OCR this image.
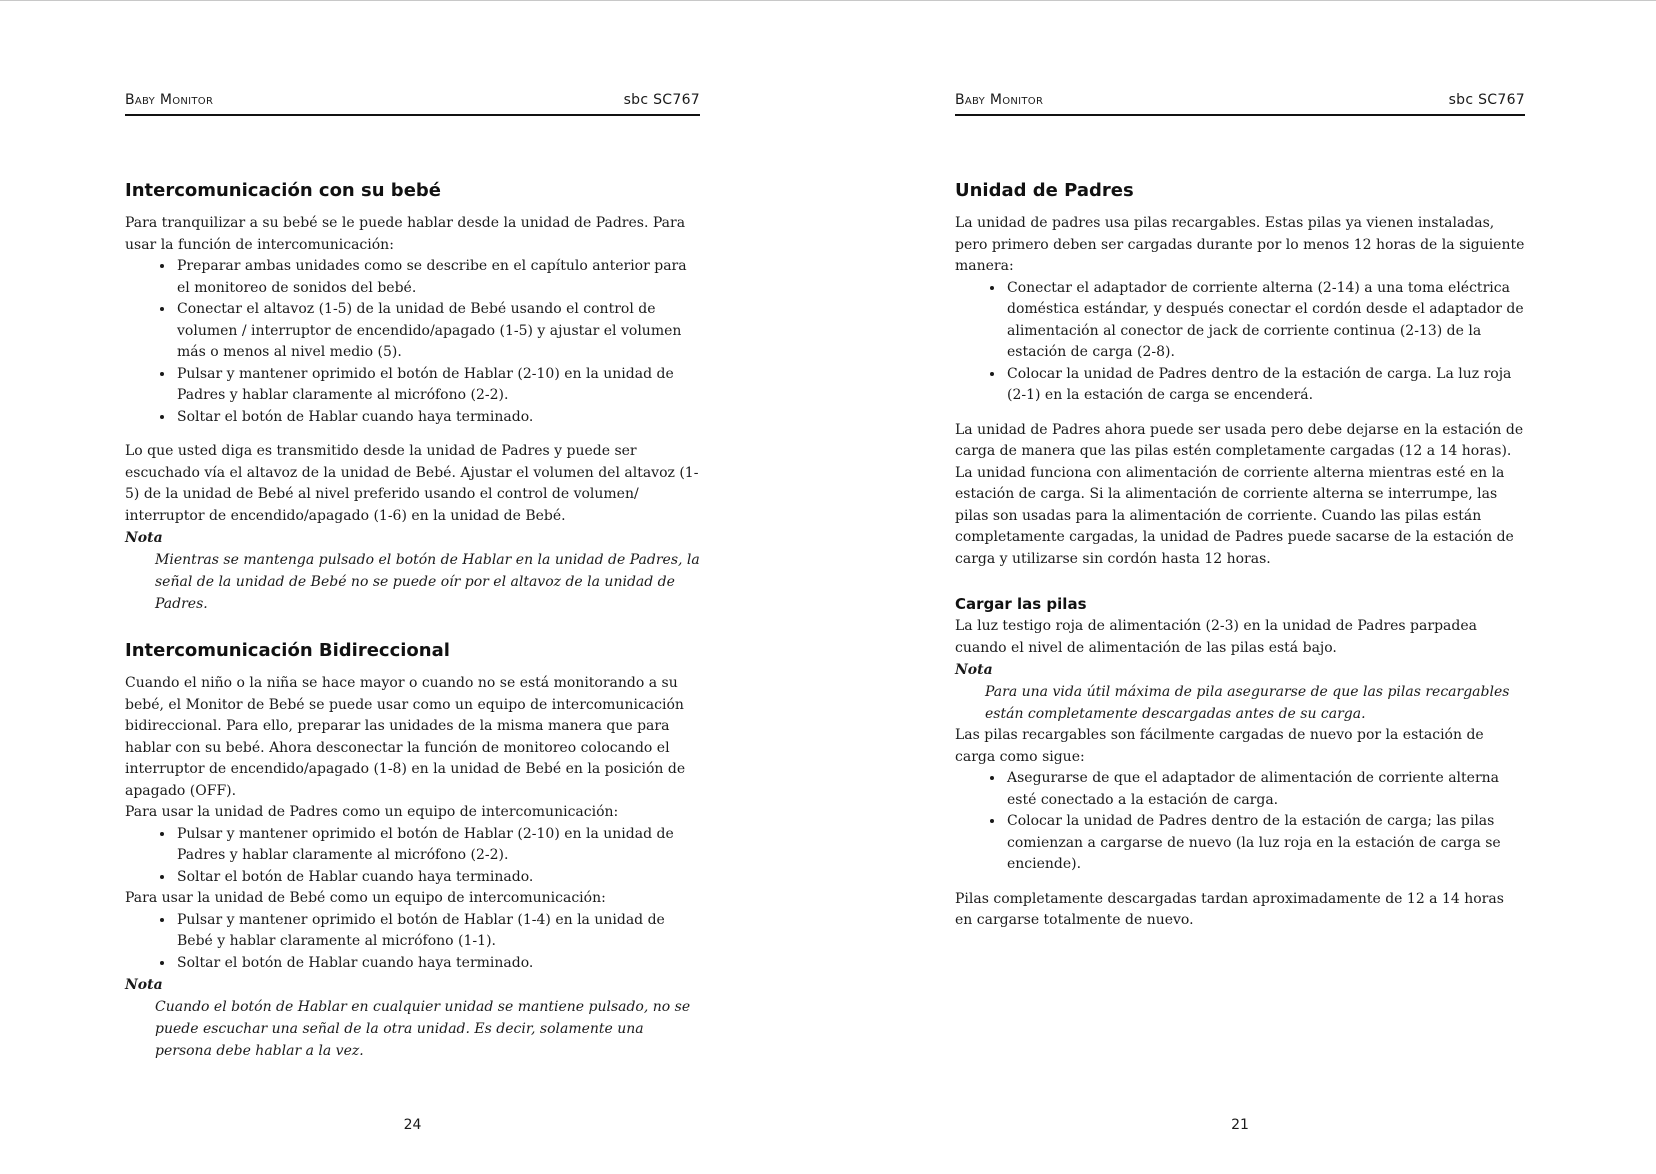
Baby Monitor	sbc SC767
Intercomunicación con su bebé

Para tranquilizar a su bebé se le puede hablar desde la unidad de Padres. Para usar la función de intercomunicación:

• Preparar ambas unidades como se describe en el capítulo anterior para el monitoreo de sonidos del bebé.
• Conectar el altavoz (1-5) de la unidad de Bebé usando el control de volumen / interruptor de encendido/apagado (1-5) y ajustar el volumen más o menos al nivel medio (5).
• Pulsar y mantener oprimido el botón de Hablar (2-10) en la unidad de Padres y hablar claramente al micrófono (2-2).
• Soltar el botón de Hablar cuando haya terminado.

Lo que usted diga es transmitido desde la unidad de Padres y puede ser escuchado vía el altavoz de la unidad de Bebé. Ajustar el volumen del altavoz (1-5) de la unidad de Bebé al nivel preferido usando el control de volumen/ interruptor de encendido/apagado (1-6) en la unidad de Bebé.

Nota
Mientras se mantenga pulsado el botón de Hablar en la unidad de Padres, la señal de la unidad de Bebé no se puede oír por el altavoz de la unidad de Padres.
Intercomunicación Bidireccional

Cuando el niño o la niña se hace mayor o cuando no se está monitorando a su bebé, el Monitor de Bebé se puede usar como un equipo de intercomunicación bidireccional. Para ello, preparar las unidades de la misma manera que para hablar con su bebé. Ahora desconectar la función de monitoreo colocando el interruptor de encendido/apagado (1-8) en la unidad de Bebé en la posición de apagado (OFF).

Para usar la unidad de Padres como un equipo de intercomunicación:

• Pulsar y mantener oprimido el botón de Hablar (2-10) en la unidad de Padres y hablar claramente al micrófono (2-2).
• Soltar el botón de Hablar cuando haya terminado.

Para usar la unidad de Bebé como un equipo de intercomunicación:

• Pulsar y mantener oprimido el botón de Hablar (1-4) en la unidad de Bebé y hablar claramente al micrófono (1-1).
• Soltar el botón de Hablar cuando haya terminado.
Nota
Cuando el botón de Hablar en cualquier unidad se mantiene pulsado, no se puede escuchar una señal de la otra unidad. Es decir, solamente una persona debe hablar a la vez.
24
Baby Monitor	sbc SC767
Unidad de Padres

La unidad de padres usa pilas recargables. Estas pilas ya vienen instaladas, pero primero deben ser cargadas durante por lo menos 12 horas de la siguiente manera:

• Conectar el adaptador de corriente alterna (2-14) a una toma eléctrica doméstica estándar, y después conectar el cordón desde el adaptador de alimentación al conector de jack de corriente continua (2-13) de la estación de carga (2-8).
• Colocar la unidad de Padres dentro de la estación de carga. La luz roja (2-1) en la estación de carga se encenderá.

La unidad de Padres ahora puede ser usada pero debe dejarse en la estación de carga de manera que las pilas estén completamente cargadas (12 a 14 horas). La unidad funciona con alimentación de corriente alterna mientras esté en la estación de carga. Si la alimentación de corriente alterna se interrumpe, las pilas son usadas para la alimentación de corriente. Cuando las pilas están completamente cargadas, la unidad de Padres puede sacarse de la estación de carga y utilizarse sin cordón hasta 12 horas.

Cargar las pilas

La luz testigo roja de alimentación (2-3) en la unidad de Padres parpadea cuando el nivel de alimentación de las pilas está bajo.

Nota
Para una vida útil máxima de pila asegurarse de que las pilas recargables están completamente descargadas antes de su carga.

Las pilas recargables son fácilmente cargadas de nuevo por la estación de carga como sigue:

• Asegurarse de que el adaptador de alimentación de corriente alterna esté conectado a la estación de carga.
• Colocar la unidad de Padres dentro de la estación de carga; las pilas comienzan a cargarse de nuevo (la luz roja en la estación de carga se enciende).

Pilas completamente descargadas tardan aproximadamente de 12 a 14 horas en cargarse totalmente de nuevo.

21
